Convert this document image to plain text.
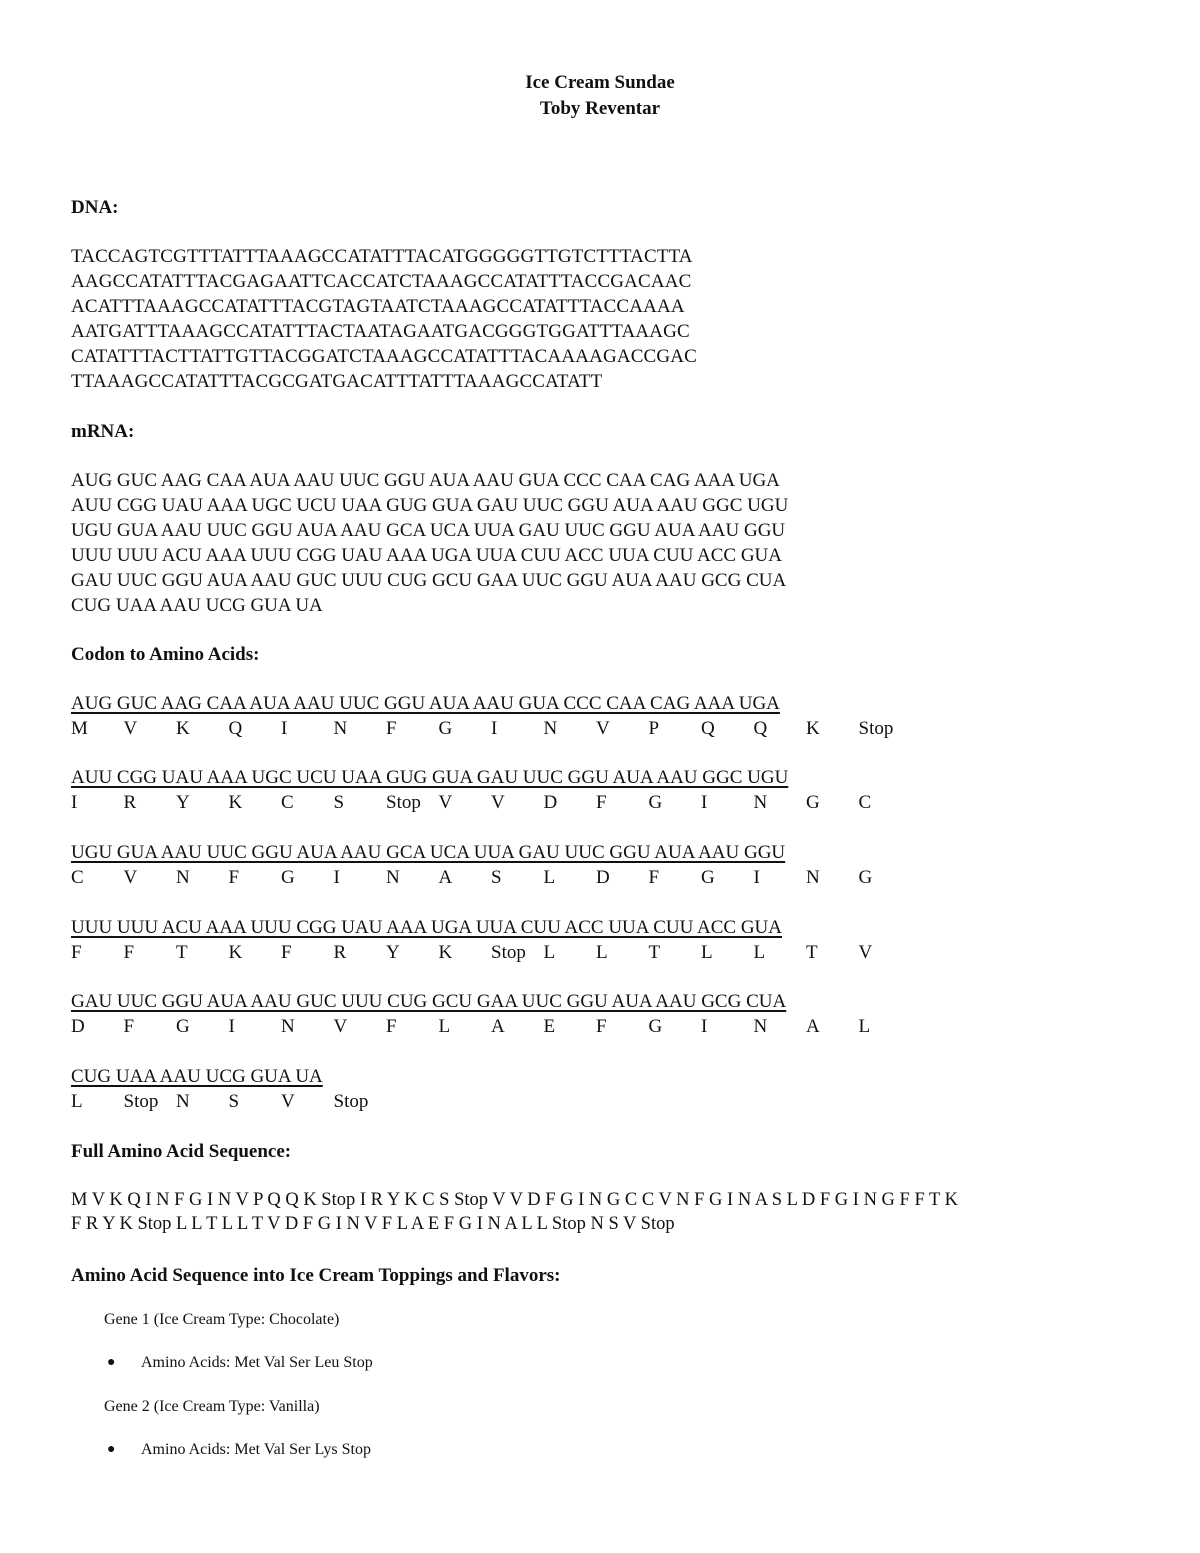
Ice Cream Sundae
Toby Reventar
DNA:
TACCAGTCGTTTATTTAAAGCCATATTTACATGGGGGTTGTCTTTACTTA
AAGCCATATTTACGAGAATTCACCATCTAAAGCCATATTTACCGACAAC
ACATTTAAAGCCATATTTACGTAGTAATCTAAAGCCATATTTACCAAAA
AATGATTTAAAGCCATATTTACTAATAGAATGACGGGTGGATTTAAAGC
CATATTTACTTATTGTTACGGATCTAAAGCCATATTTACAAAAGACCGAC
TTAAAGCCATATTTACGCGATGACATTTATTTAAAGCCATATT
mRNA:
AUG GUC AAG CAA AUA AAU UUC GGU AUA AAU GUA CCC CAA CAG AAA UGA
AUU CGG UAU AAA UGC UCU UAA GUG GUA GAU UUC GGU AUA AAU GGC UGU
UGU GUA AAU UUC GGU AUA AAU GCA UCA UUA GAU UUC GGU AUA AAU GGU
UUU UUU ACU AAA UUU CGG UAU AAA UGA UUA CUU ACC UUA CUU ACC GUA
GAU UUC GGU AUA AAU GUC UUU CUG GCU GAA UUC GGU AUA AAU GCG CUA
CUG UAA AAU UCG GUA UA
Codon to Amino Acids:
AUG GUC AAG CAA AUA AAU UUC GGU AUA AAU GUA CCC CAA CAG AAA UGA
M V K Q I N F G I N V P Q Q K Stop
AUU CGG UAU AAA UGC UCU UAA GUG GUA GAU UUC GGU AUA AAU GGC UGU
I R Y K C S Stop V V D F G I N G C
UGU GUA AAU UUC GGU AUA AAU GCA UCA UUA GAU UUC GGU AUA AAU GGU
C V N F G I N A S L D F G I N G
UUU UUU ACU AAA UUU CGG UAU AAA UGA UUA CUU ACC UUA CUU ACC GUA
F F T K F R Y K Stop L L T L L T V
GAU UUC GGU AUA AAU GUC UUU CUG GCU GAA UUC GGU AUA AAU GCG CUA
D F G I N V F L A E F G I N A L
CUG UAA AAU UCG GUA UA
L Stop N S V Stop
Full Amino Acid Sequence:
M V K Q I N F G I N V P Q Q K Stop I R Y K C S Stop V V D F G I N G C C V N F G I N A S L D F G I N G F F T K
F R Y K Stop L L T L L T V D F G I N V F L A E F G I N A L L Stop N S V Stop
Amino Acid Sequence into Ice Cream Toppings and Flavors:
Gene 1 (Ice Cream Type: Chocolate)
● Amino Acids: Met Val Ser Leu Stop
Gene 2 (Ice Cream Type: Vanilla)
● Amino Acids: Met Val Ser Lys Stop
